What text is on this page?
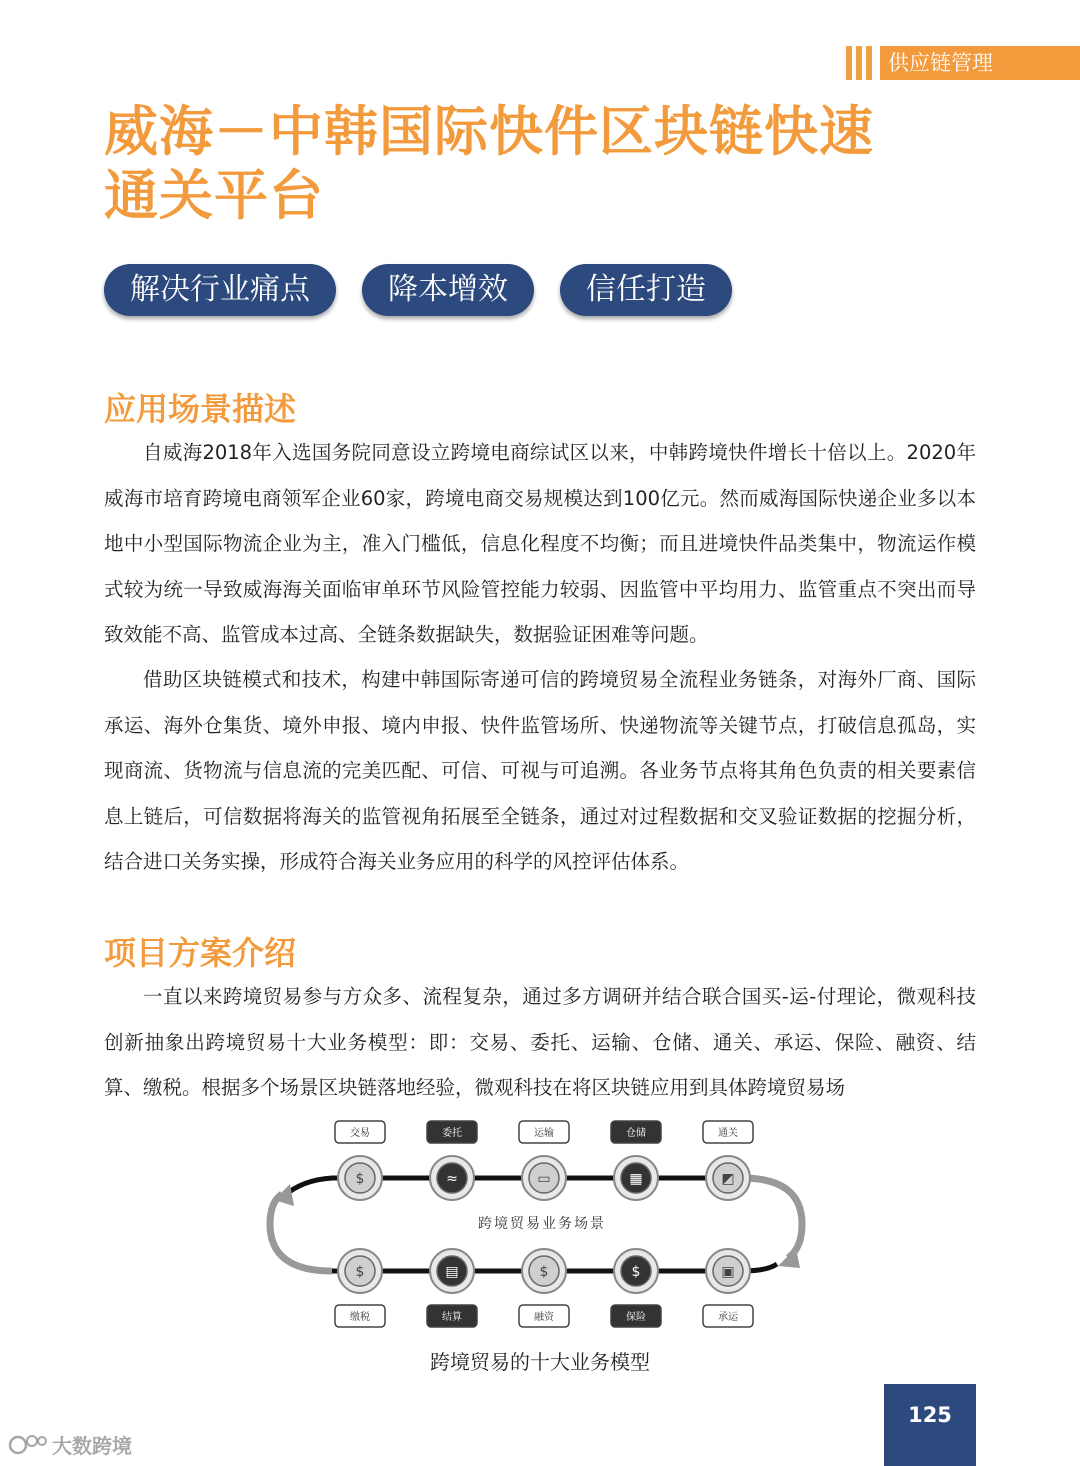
供应链管理
威海－中韩国际快件区块链快速通关平台
解决行业痛点	降本增效	信任打造
应用场景描述

自威海2018年入选国务院同意设立跨境电商综试区以来，中韩跨境快件增长十倍以上。2020年威海市培育跨境电商领军企业60家，跨境电商交易规模达到100亿元。然而威海国际快递企业多以本地中小型国际物流企业为主，准入门槛低，信息化程度不均衡；而且进境快件品类集中，物流运作模式较为统一导致威海海关面临审单环节风险管控能力较弱、因监管中平均用力、监管重点不突出而导致效能不高、监管成本过高、全链条数据缺失，数据验证困难等问题。

借助区块链模式和技术，构建中韩国际寄递可信的跨境贸易全流程业务链条，对海外厂商、国际承运、海外仓集货、境外申报、境内申报、快件监管场所、快递物流等关键节点，打破信息孤岛，实现商流、货物流与信息流的完美匹配、可信、可视与可追溯。各业务节点将其角色负责的相关要素信息上链后，可信数据将海关的监管视角拓展至全链条，通过对过程数据和交叉验证数据的挖掘分析，结合进口关务实操，形成符合海关业务应用的科学的风控评估体系。

项目方案介绍

一直以来跨境贸易参与方众多、流程复杂，通过多方调研并结合联合国买-运-付理论，微观科技创新抽象出跨境贸易十大业务模型：即：交易、委托、运输、仓储、通关、承运、保险、融资、结算、缴税。根据多个场景区块链落地经验，微观科技在将区块链应用到具体跨境贸易场

跨境贸易业务场景
交易
$
委托
≈
运输
▭
仓储
▦
通关
◩
缴税
$
结算
▤
融资
$
保险
$
承运
▣
跨境贸易的十大业务模型
125
大数跨境
